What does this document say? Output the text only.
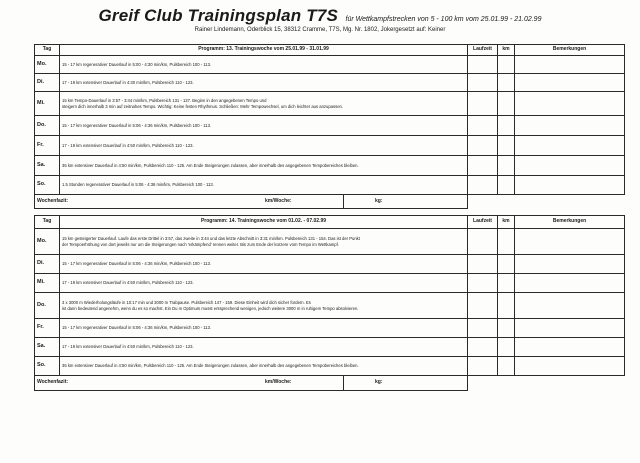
Greif Club Trainingsplan T7S für Wettkampfstrecken von 5 - 100 km vom 25.01.99 - 21.02.99
Rainer Lindemann, Oderblick 15, 38312 Cramme, T7S, Mg. Nr. 1802, Jokergesetzt auf: Keiner
Tag	Programm: 13. Trainingswoche vom 25.01.99 - 31.01.99	Laufzeit	km	Bemerkungen
Mo.	15 - 17 km regenerativer Dauerlauf in 5:00 - 4:30 min/km, Pulsbereich 100 - 113.			
Di.	17 - 19 km extensiver Dauerlauf in 4:30 min/km, Pulsbereich 110 - 123.			
Mi.	15 km Tempo-Dauerlauf in 3:57 - 3:44 min/km, Pulsbereich 131 - 137. Beginn in den angegebenen Tempo und
steigern dich innerhalb 3 min auf zeitnahes Tempo. Wichtig: Keine festen Rhythmus. Schließen: Mehr Tempowechsel, um dich leichter aus anzupassen.			

Do.	15 - 17 km regenerativer Dauerlauf in 5:06 - 4:36 min/km, Pulsbereich 100 - 113.			
Fr.	17 - 19 km extensiver Dauerlauf in 4:50 min/km, Pulsbereich 110 - 123.			
Sa.	35 km extensiver Dauerlauf in 4:50 min/km, Pulsbereich 110 - 125. Am Ende Steigerungen zulassen, aber innerhalb des angegebenen Tempobereiches bleiben.			
So.	1.5 Stunden regenerativer Dauerlauf in 5:06 - 4:36 min/km, Pulsbereich 100 - 113.			

Wochenfazit: km/Woche: kg:				

Tag	Programm: 14. Trainingswoche vom 01.02. - 07.02.99	Laufzeit	km	Bemerkungen
Mo.	15 km gesteigerter Dauerlauf. Laufe das erste Drittel in 3:57, das zweite in 3:44 und das letzte Abschnitt in 3:31 min/km. Pulsbereich 131 - 154. Das ist der Punkt
der Tempoerhöhung von dort jeweils nur um die Steigerungen nach 'erkämpfend' rennen weiter. Bis zum Ende der kürzere vom Tempo im Wettkampf.			

Di.	15 - 17 km regenerativer Dauerlauf in 5:06 - 4:36 min/km, Pulsbereich 100 - 113.			
Mi.	17 - 19 km extensiver Dauerlauf in 4:50 min/km, Pulsbereich 110 - 123.			
Do.	3 x 3000 m Wiederholungsläufe in 10:17 min und 3000 m Trabpause. Pulsbereich 147 - 159. Diese Einheit wird dich sicher fordern. Es
ist dann bedeutend angenehm, wenn du es so machst. Ein Du m Optimum musst entsprechend wenigen, jedoch weitere 3000 m in ruhigem Tempo absolvieren.			

Fr.	15 - 17 km regenerativer Dauerlauf in 5:06 - 4:36 min/km, Pulsbereich 100 - 113.			
Sa.	17 - 19 km extensiver Dauerlauf in 4:50 min/km, Pulsbereich 110 - 123.			
So.	35 km extensiver Dauerlauf in 4:50 min/km, Pulsbereich 110 - 125. Am Ende Steigerungen zulassen, aber innerhalb des angegebenen Tempobereiches bleiben.			

Wochenfazit: km/Woche: kg:				
